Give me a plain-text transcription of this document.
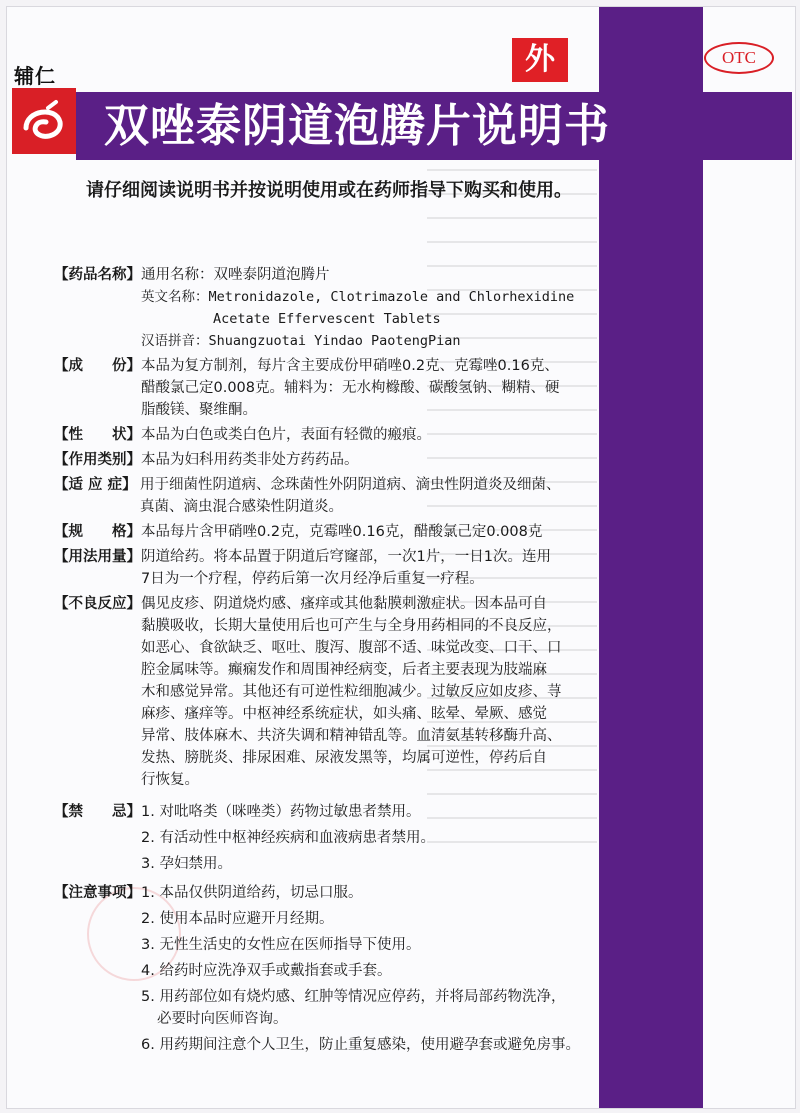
辅仁
双唑泰阴道泡腾片说明书
外	OTC
请仔细阅读说明书并按说明使用或在药师指导下购买和使用。
【药品名称】 通用名称：双唑泰阴道泡腾片
英文名称：Metronidazole, Clotrimazole and Chlorhexidine
Acetate Effervescent Tablets
汉语拼音：Shuangzuotai Yindao PaotengPian
【成　　份】 本品为复方制剂，每片含主要成份甲硝唑0.2克、克霉唑0.16克、
醋酸氯己定0.008克。辅料为：无水枸橼酸、碳酸氢钠、糊精、硬
脂酸镁、聚维酮。
【性　　状】 本品为白色或类白色片，表面有轻微的瘢痕。
【作用类别】 本品为妇科用药类非处方药药品。
【适 应 症】 用于细菌性阴道病、念珠菌性外阴阴道病、滴虫性阴道炎及细菌、
真菌、滴虫混合感染性阴道炎。
【规　　格】 本品每片含甲硝唑0.2克，克霉唑0.16克，醋酸氯己定0.008克
【用法用量】 阴道给药。将本品置于阴道后穹窿部，一次1片，一日1次。连用
7日为一个疗程，停药后第一次月经净后重复一疗程。
【不良反应】 偶见皮疹、阴道烧灼感、瘙痒或其他黏膜刺激症状。因本品可自
黏膜吸收，长期大量使用后也可产生与全身用药相同的不良反应，
如恶心、食欲缺乏、呕吐、腹泻、腹部不适、味觉改变、口干、口
腔金属味等。癫痫发作和周围神经病变，后者主要表现为肢端麻
木和感觉异常。其他还有可逆性粒细胞减少。过敏反应如皮疹、荨
麻疹、瘙痒等。中枢神经系统症状，如头痛、眩晕、晕厥、感觉
异常、肢体麻木、共济失调和精神错乱等。血清氨基转移酶升高、
发热、膀胱炎、排尿困难、尿液发黑等，均属可逆性，停药后自
行恢复。
【禁　　忌】 1. 对吡咯类（咪唑类）药物过敏患者禁用。
2. 有活动性中枢神经疾病和血液病患者禁用。
3. 孕妇禁用。
【注意事项】 1. 本品仅供阴道给药，切忌口服。
2. 使用本品时应避开月经期。
3. 无性生活史的女性应在医师指导下使用。
4. 给药时应洗净双手或戴指套或手套。
5. 用药部位如有烧灼感、红肿等情况应停药，并将局部药物洗净，
必要时向医师咨询。
6. 用药期间注意个人卫生，防止重复感染，使用避孕套或避免房事。
